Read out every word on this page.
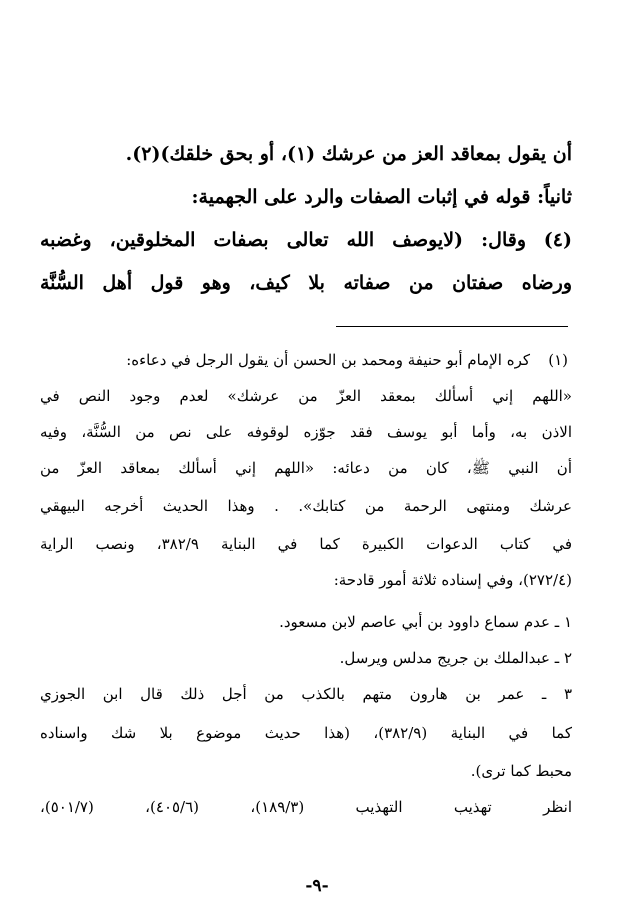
أن يقول بمعاقد العز من عرشك (١)، أو بحق خلقك)(٢).
ثانياً: قوله في إثبات الصفات والرد على الجهمية:
(٤)
وقال: (لايوصف الله تعالى بصفات المخلوقين، وغضبه
ورضاه صفتان من صفاته بلا كيف، وهو قول أهل السُّنَّة
(١)
كره الإمام أبو حنيفة ومحمد بن الحسن أن يقول الرجل في دعاءه:
«اللهم إني أسألك بمعقد العزّ من عرشك» لعدم وجود النص في
الاذن به، وأما أبو يوسف فقد جوّزه لوقوفه على نص من السُّنَّة، وفيه
أن النبي ﷺ، كان من دعائه: «اللهم إني أسألك بمعاقد العزّ من
عرشك ومنتهى الرحمة من كتابك». . وهذا الحديث أخرجه البيهقي
في كتاب الدعوات الكبيرة كما في البناية ٣٨٢/٩، ونصب الراية
(٢٧٢/٤)، وفي إسناده ثلاثة أمور قادحة:
١ ـ عدم سماع داوود بن أبي عاصم لابن مسعود.
٢ ـ عبدالملك بن جريج مدلس ويرسل.
٣ ـ عمر بن هارون متهم بالكذب من أجل ذلك قال ابن الجوزي
كما في البناية (٣٨٢/٩)، (هذا حديث موضوع بلا شك واسناده
محبط كما ترى).
انظر تهذيب التهذيب (١٨٩/٣)، (٤٠٥/٦)، (٥٠١/٧)،
-٩-
